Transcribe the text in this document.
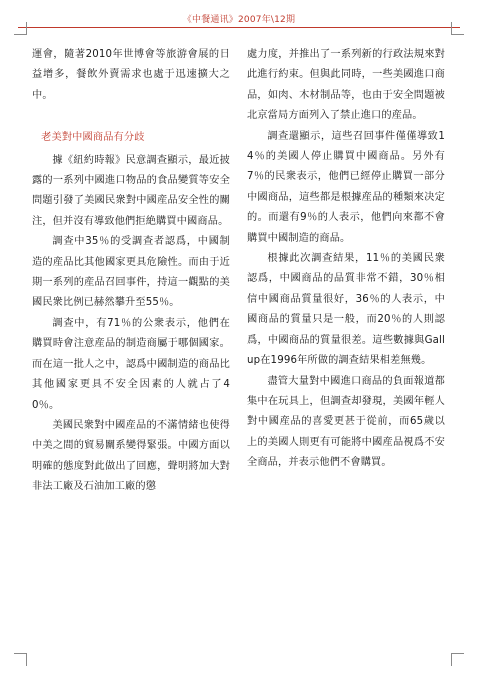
《中餐通讯》2007年\12期

運會，隨著2010年世博會等旅游會展的日益增多，餐飲外賣需求也處于迅速擴大之中。

老美對中國商品有分歧

據《紐約時報》民意調查顯示，最近披露的一系列中國進口物品的食品變質等安全問題引發了美國民衆對中國産品安全性的關注，但并沒有導致他們拒絶購買中國商品。

調查中35％的受調查者認爲，中國制造的産品比其他國家更具危險性。而由于近期一系列的産品召回事件，持這一觀點的美國民衆比例已赫然攀升至55％。

調查中，有71％的公衆表示，他們在購買時會注意産品的制造商屬于哪個國家。而在這一批人之中，認爲中國制造的商品比其他國家更具不安全因素的人就占了40％。

美國民衆對中國産品的不滿情緒也使得中美之間的貿易關系變得緊張。中國方面以明確的態度對此做出了回應，聲明將加大對非法工廠及石油加工廠的懲

處力度，并推出了一系列新的行政法規來對此進行約束。但與此同時，一些美國進口商品，如肉、木材制品等，也由于安全問題被北京當局方面列入了禁止進口的産品。

調查還顯示，這些召回事件僅僅導致14％的美國人停止購買中國商品。另外有7％的民衆表示，他們已經停止購買一部分中國商品，這些都是根據産品的種類來决定的。而還有9％的人表示，他們向來都不會購買中國制造的商品。

根據此次調查結果，11％的美國民衆認爲，中國商品的品質非常不錯，30％相信中國商品質量很好，36％的人表示，中國商品的質量只是一般，而20％的人則認爲，中國商品的質量很差。這些數據與Gallup在1996年所做的調查結果相差無幾。

盡管大量對中國進口商品的負面報道都集中在玩具上，但調查却發現，美國年輕人對中國産品的喜愛更甚于從前，而65歲以上的美國人則更有可能將中國産品視爲不安全商品，并表示他們不會購買。
